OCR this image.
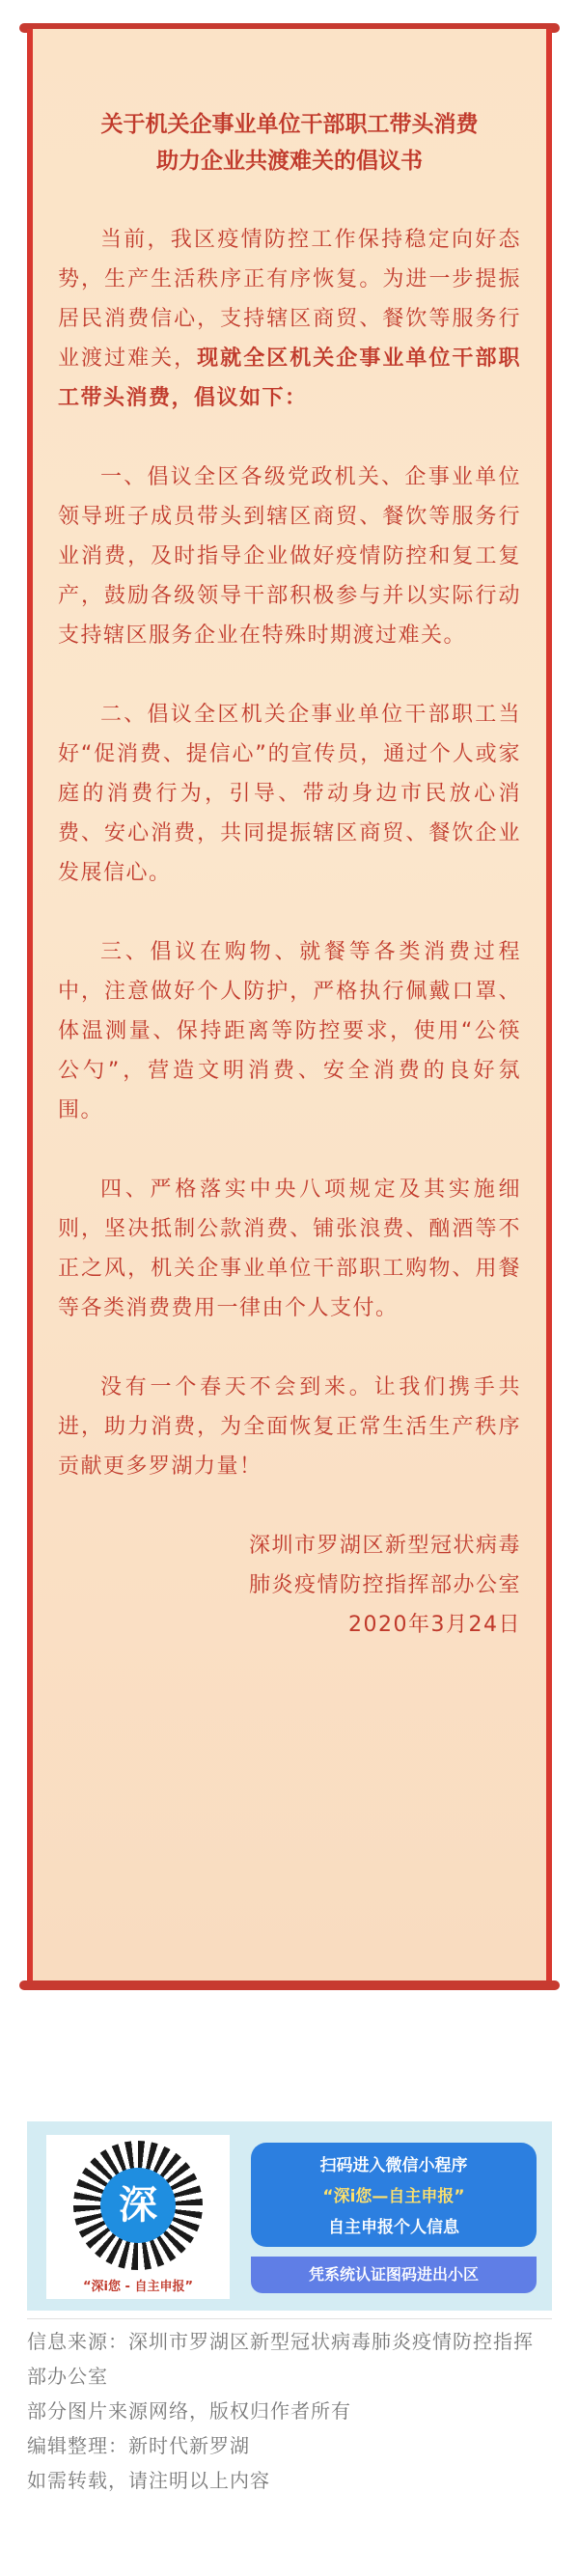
关于机关企事业单位干部职工带头消费
助力企业共渡难关的倡议书

当前，我区疫情防控工作保持稳定向好态势，生产生活秩序正有序恢复。为进一步提振居民消费信心，支持辖区商贸、餐饮等服务行业渡过难关，现就全区机关企事业单位干部职工带头消费，倡议如下：

一、倡议全区各级党政机关、企事业单位领导班子成员带头到辖区商贸、餐饮等服务行业消费，及时指导企业做好疫情防控和复工复产，鼓励各级领导干部积极参与并以实际行动支持辖区服务企业在特殊时期渡过难关。

二、倡议全区机关企事业单位干部职工当好“促消费、提信心”的宣传员，通过个人或家庭的消费行为，引导、带动身边市民放心消费、安心消费，共同提振辖区商贸、餐饮企业发展信心。

三、倡议在购物、就餐等各类消费过程中，注意做好个人防护，严格执行佩戴口罩、体温测量、保持距离等防控要求，使用“公筷公勺”，营造文明消费、安全消费的良好氛围。

四、严格落实中央八项规定及其实施细则，坚决抵制公款消费、铺张浪费、酗酒等不正之风，机关企事业单位干部职工购物、用餐等各类消费费用一律由个人支付。

没有一个春天不会到来。让我们携手共进，助力消费，为全面恢复正常生活生产秩序贡献更多罗湖力量！

深圳市罗湖区新型冠状病毒
肺炎疫情防控指挥部办公室
2020年3月24日
深
“深i您 - 自主申报”
扫码进入微信小程序
“深i您—自主申报”
自主申报个人信息
凭系统认证图码进出小区

信息来源：深圳市罗湖区新型冠状病毒肺炎疫情防控指挥部办公室

部分图片来源网络，版权归作者所有

编辑整理：新时代新罗湖

如需转载，请注明以上内容
